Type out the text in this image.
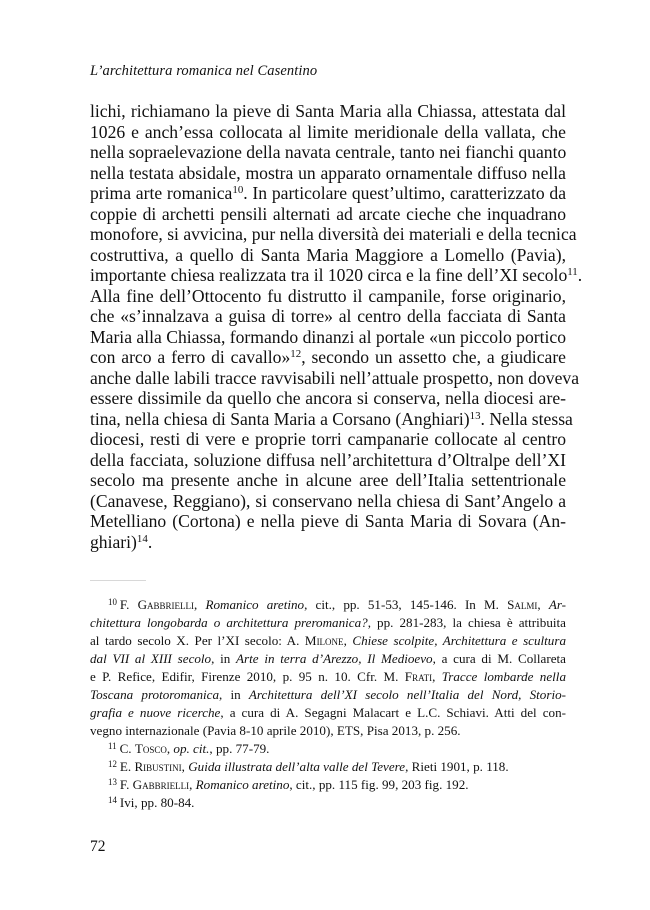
L’architettura romanica nel Casentino
lichi, richiamano la pieve di Santa Maria alla Chiassa, attestata dal
1026 e anch’essa collocata al limite meridionale della vallata, che
nella sopraelevazione della navata centrale, tanto nei fianchi quanto
nella testata absidale, mostra un apparato ornamentale diffuso nella
prima arte romanica$^{10}$. In particolare quest’ultimo, caratterizzato da
coppie di archetti pensili alternati ad arcate cieche che inquadrano
monofore, si avvicina, pur nella diversità dei materiali e della tecnica
costruttiva, a quello di Santa Maria Maggiore a Lomello (Pavia),
importante chiesa realizzata tra il 1020 circa e la fine dell’XI secolo$^{11}$.
Alla fine dell’Ottocento fu distrutto il campanile, forse originario,
che «s’innalzava a guisa di torre» al centro della facciata di Santa
Maria alla Chiassa, formando dinanzi al portale «un piccolo portico
con arco a ferro di cavallo»$^{12}$, secondo un assetto che, a giudicare
anche dalle labili tracce ravvisabili nell’attuale prospetto, non doveva
essere dissimile da quello che ancora si conserva, nella diocesi are-
tina, nella chiesa di Santa Maria a Corsano (Anghiari)$^{13}$. Nella stessa
diocesi, resti di vere e proprie torri campanarie collocate al centro
della facciata, soluzione diffusa nell’architettura d’Oltralpe dell’XI
secolo ma presente anche in alcune aree dell’Italia settentrionale
(Canavese, Reggiano), si conservano nella chiesa di Sant’Angelo a
Metelliano (Cortona) e nella pieve di Santa Maria di Sovara (An-
ghiari)$^{14}$.
$^{10}$ F. Gabbrielli, Romanico aretino, cit., pp. 51-53, 145-146. In M. Salmi, Ar-
chitettura longobarda o architettura preromanica?, pp. 281-283, la chiesa è attribuita
al tardo secolo X. Per l’XI secolo: A. Milone, Chiese scolpite, Architettura e scultura
dal VII al XIII secolo, in Arte in terra d’Arezzo, Il Medioevo, a cura di M. Collareta
e P. Refice, Edifir, Firenze 2010, p. 95 n. 10. Cfr. M. Frati, Tracce lombarde nella
Toscana protoromanica, in Architettura dell’XI secolo nell’Italia del Nord, Storio-
grafia e nuove ricerche, a cura di A. Segagni Malacart e L.C. Schiavi. Atti del con-
vegno internazionale (Pavia 8-10 aprile 2010), ETS, Pisa 2013, p. 256.
$^{11}$ C. Tosco, op. cit., pp. 77-79.
$^{12}$ E. Ribustini, Guida illustrata dell’alta valle del Tevere, Rieti 1901, p. 118.
$^{13}$ F. Gabbrielli, Romanico aretino, cit., pp. 115 fig. 99, 203 fig. 192.
$^{14}$ Ivi, pp. 80-84.
72
